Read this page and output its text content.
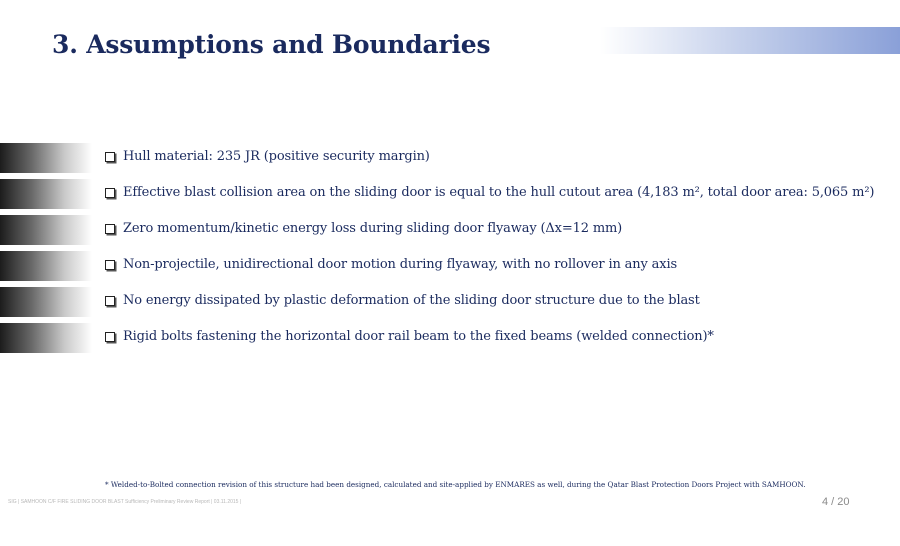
3. Assumptions and Boundaries
Hull material: 235 JR (positive security margin)
Effective blast collision area on the sliding door is equal to the hull cutout area (4,183 m², total door area: 5,065 m²)
Zero momentum/kinetic energy loss during sliding door flyaway (Δx=12 mm)
Non-projectile, unidirectional door motion during flyaway, with no rollover in any axis
No energy dissipated by plastic deformation of the sliding door structure due to the blast
Rigid bolts fastening the horizontal door rail beam to the fixed beams (welded connection)*
* Welded-to-Bolted connection revision of this structure had been designed, calculated and site-applied by ENMARES as well, during the Qatar Blast Protection Doors Project with SAMHOON.
SIG | SAMHOON C/F FIRE SLIDING DOOR BLAST Sufficiency Preliminary Review Report | 03.11.2015 |	4 / 20
